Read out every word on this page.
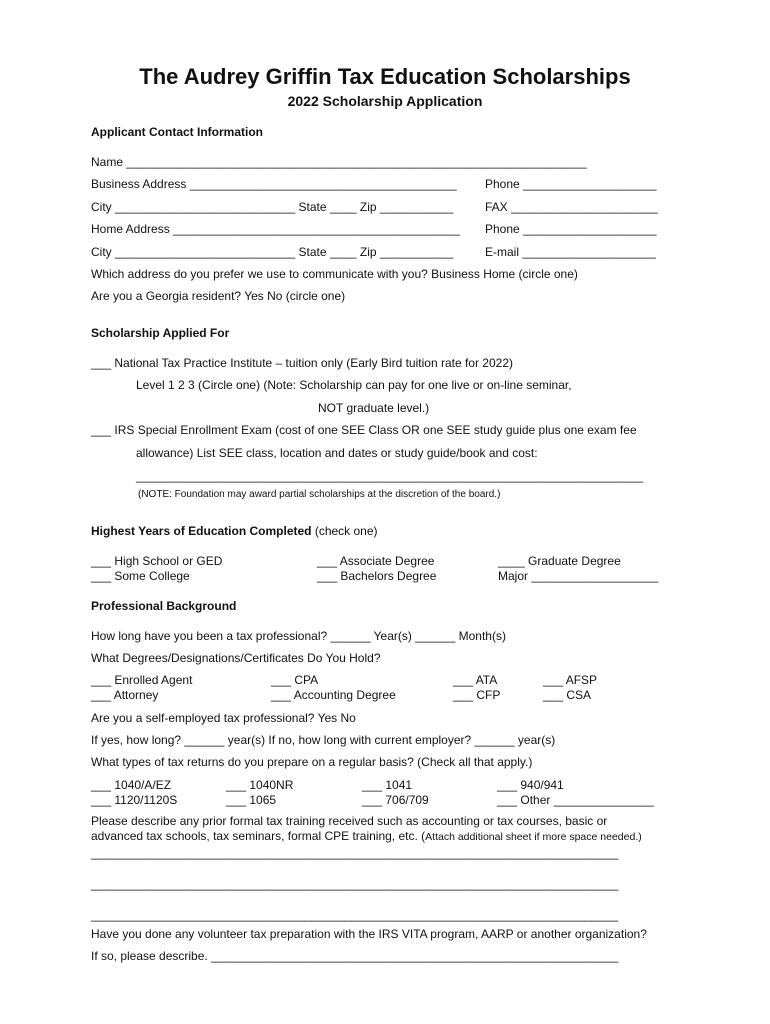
The Audrey Griffin Tax Education Scholarships
2022 Scholarship Application
Applicant Contact Information
Name _____________________________________________________________________
Business Address ________________________________________ Phone ____________________
City ___________________________ State ____ Zip ___________	FAX ______________________
Home Address ___________________________________________ Phone ____________________
City ___________________________ State ____ Zip ___________	E-mail ____________________
Which address do you prefer we use to communicate with you? Business Home (circle one)
Are you a Georgia resident? Yes No (circle one)
Scholarship Applied For
___ National Tax Practice Institute – tuition only (Early Bird tuition rate for 2022)
Level 1 2 3 (Circle one) (Note: Scholarship can pay for one live or on-line seminar,
NOT graduate level.)
___ IRS Special Enrollment Exam (cost of one SEE Class OR one SEE study guide plus one exam fee
allowance) List SEE class, location and dates or study guide/book and cost:
____________________________________________________________________________
(NOTE: Foundation may award partial scholarships at the discretion of the board.)
Highest Years of Education Completed (check one)
___ High School or GED
___ Some College
___ Associate Degree
___ Bachelors Degree
____ Graduate Degree
Major ___________________
Professional Background
How long have you been a tax professional? ______ Year(s) ______ Month(s)
What Degrees/Designations/Certificates Do You Hold?
___ Enrolled Agent
___ Attorney
___ CPA
___ Accounting Degree
___ ATA
___ CFP
___ AFSP
___ CSA
Are you a self-employed tax professional? Yes No
If yes, how long? ______ year(s) If no, how long with current employer? ______ year(s)
What types of tax returns do you prepare on a regular basis? (Check all that apply.)
___ 1040/A/EZ
___ 1120/1120S
___ 1040NR
___ 1065
___ 1041
___ 706/709
___ 940/941
___ Other _______________
Please describe any prior formal tax training received such as accounting or tax courses, basic or
advanced tax schools, tax seminars, formal CPE training, etc. (Attach additional sheet if more space needed.)
_______________________________________________________________________________
_______________________________________________________________________________
_______________________________________________________________________________
Have you done any volunteer tax preparation with the IRS VITA program, AARP or another organization?
If so, please describe. _____________________________________________________________
